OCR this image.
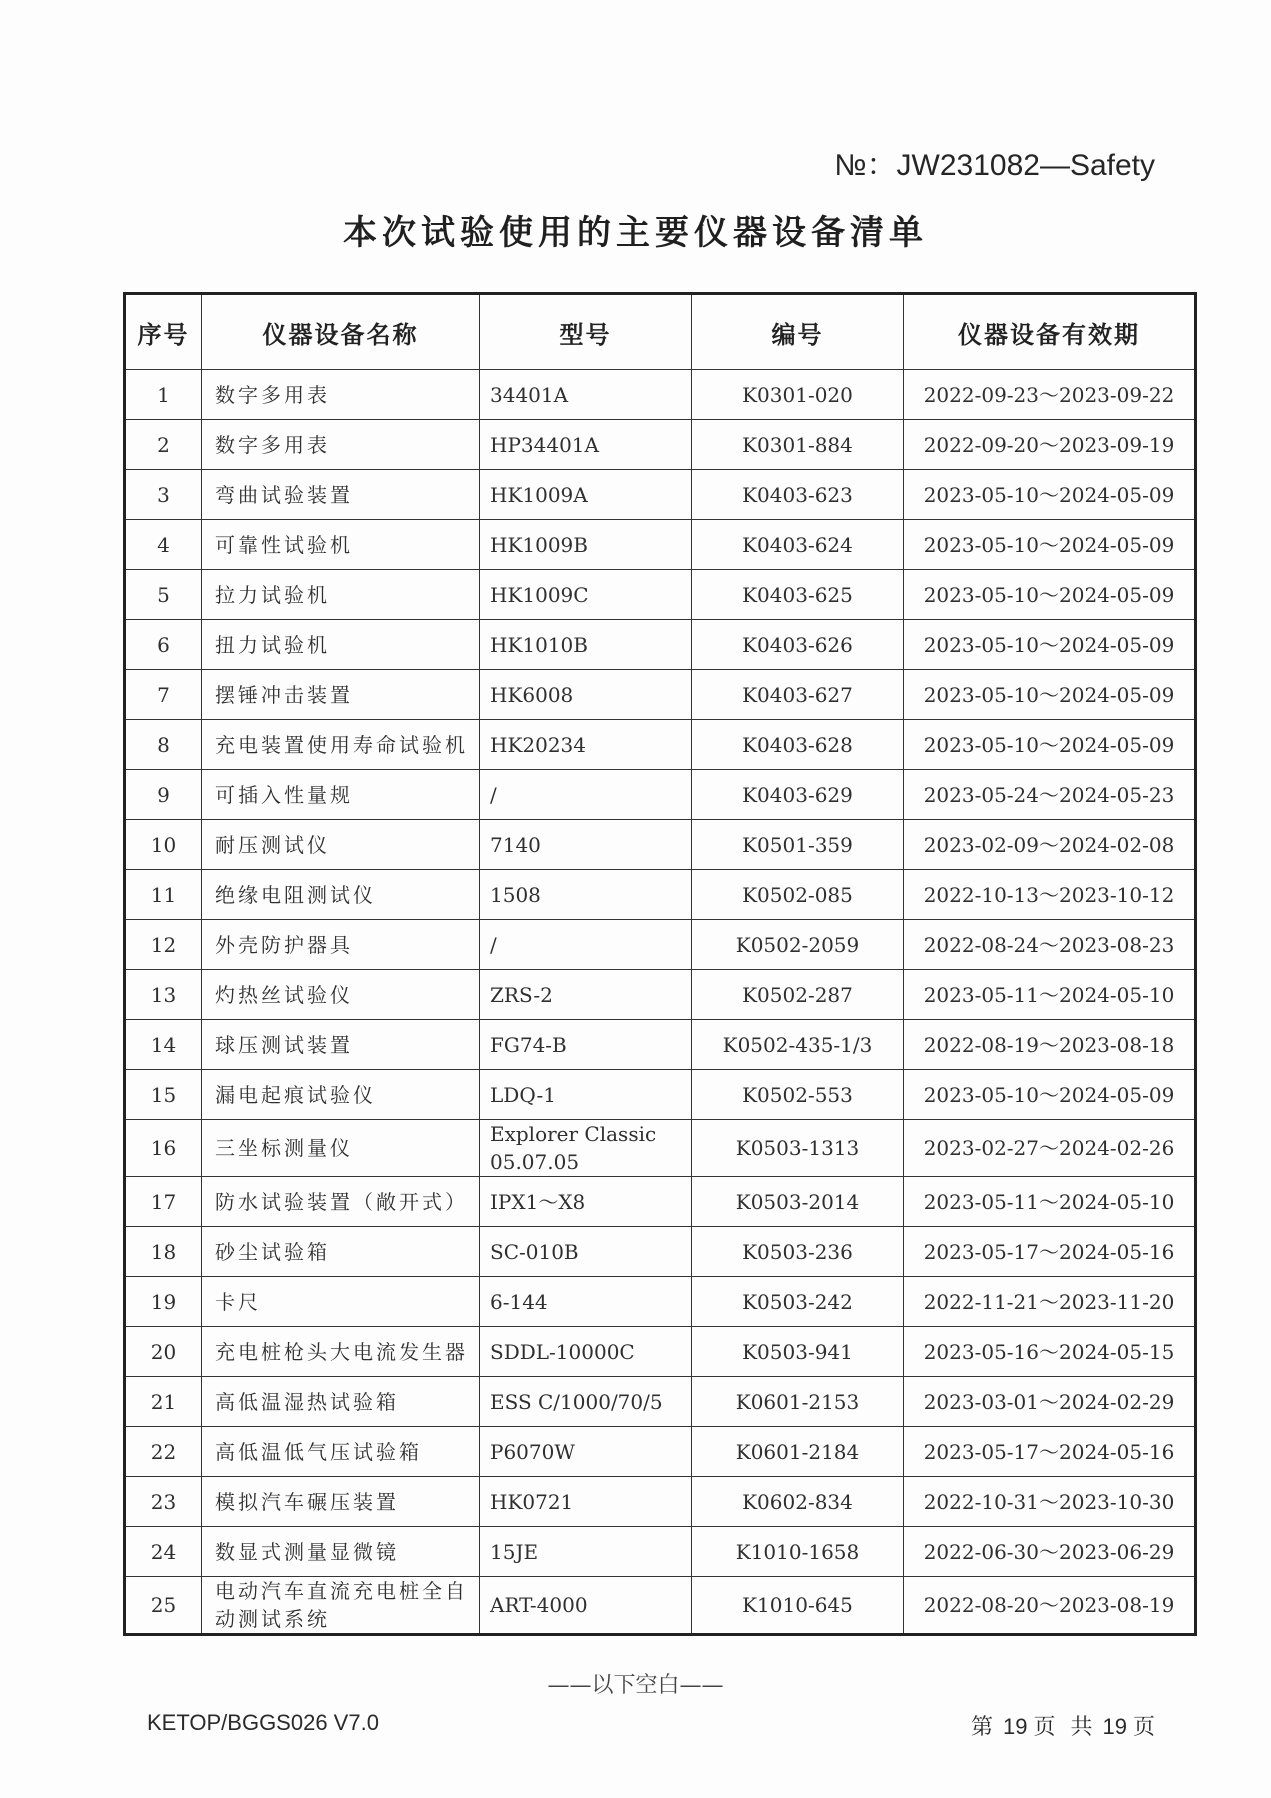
№：JW231082—Safety
本次试验使用的主要仪器设备清单
序号	仪器设备名称	型号	编号	仪器设备有效期
1	数字多用表	34401A	K0301-020	2022-09-23～2023-09-22
2	数字多用表	HP34401A	K0301-884	2022-09-20～2023-09-19
3	弯曲试验装置	HK1009A	K0403-623	2023-05-10～2024-05-09
4	可靠性试验机	HK1009B	K0403-624	2023-05-10～2024-05-09
5	拉力试验机	HK1009C	K0403-625	2023-05-10～2024-05-09
6	扭力试验机	HK1010B	K0403-626	2023-05-10～2024-05-09
7	摆锤冲击装置	HK6008	K0403-627	2023-05-10～2024-05-09
8	充电装置使用寿命试验机	HK20234	K0403-628	2023-05-10～2024-05-09
9	可插入性量规	/	K0403-629	2023-05-24～2024-05-23
10	耐压测试仪	7140	K0501-359	2023-02-09～2024-02-08
11	绝缘电阻测试仪	1508	K0502-085	2022-10-13～2023-10-12
12	外壳防护器具	/	K0502-2059	2022-08-24～2023-08-23
13	灼热丝试验仪	ZRS-2	K0502-287	2023-05-11～2024-05-10
14	球压测试装置	FG74-B	K0502-435-1/3	2022-08-19～2023-08-18
15	漏电起痕试验仪	LDQ-1	K0502-553	2023-05-10～2024-05-09
16	三坐标测量仪	Explorer Classic 05.07.05	K0503-1313	2023-02-27～2024-02-26
17	防水试验装置（敞开式）	IPX1～X8	K0503-2014	2023-05-11～2024-05-10
18	砂尘试验箱	SC-010B	K0503-236	2023-05-17～2024-05-16
19	卡尺	6-144	K0503-242	2022-11-21～2023-11-20
20	充电桩枪头大电流发生器	SDDL-10000C	K0503-941	2023-05-16～2024-05-15
21	高低温湿热试验箱	ESS C/1000/70/5	K0601-2153	2023-03-01～2024-02-29
22	高低温低气压试验箱	P6070W	K0601-2184	2023-05-17～2024-05-16
23	模拟汽车碾压装置	HK0721	K0602-834	2022-10-31～2023-10-30
24	数显式测量显微镜	15JE	K1010-1658	2022-06-30～2023-06-29
25	电动汽车直流充电桩全自动测试系统	ART-4000	K1010-645	2022-08-20～2023-08-19
——以下空白——
KETOP/BGGS026 V7.0	第 19 页 共 19 页
